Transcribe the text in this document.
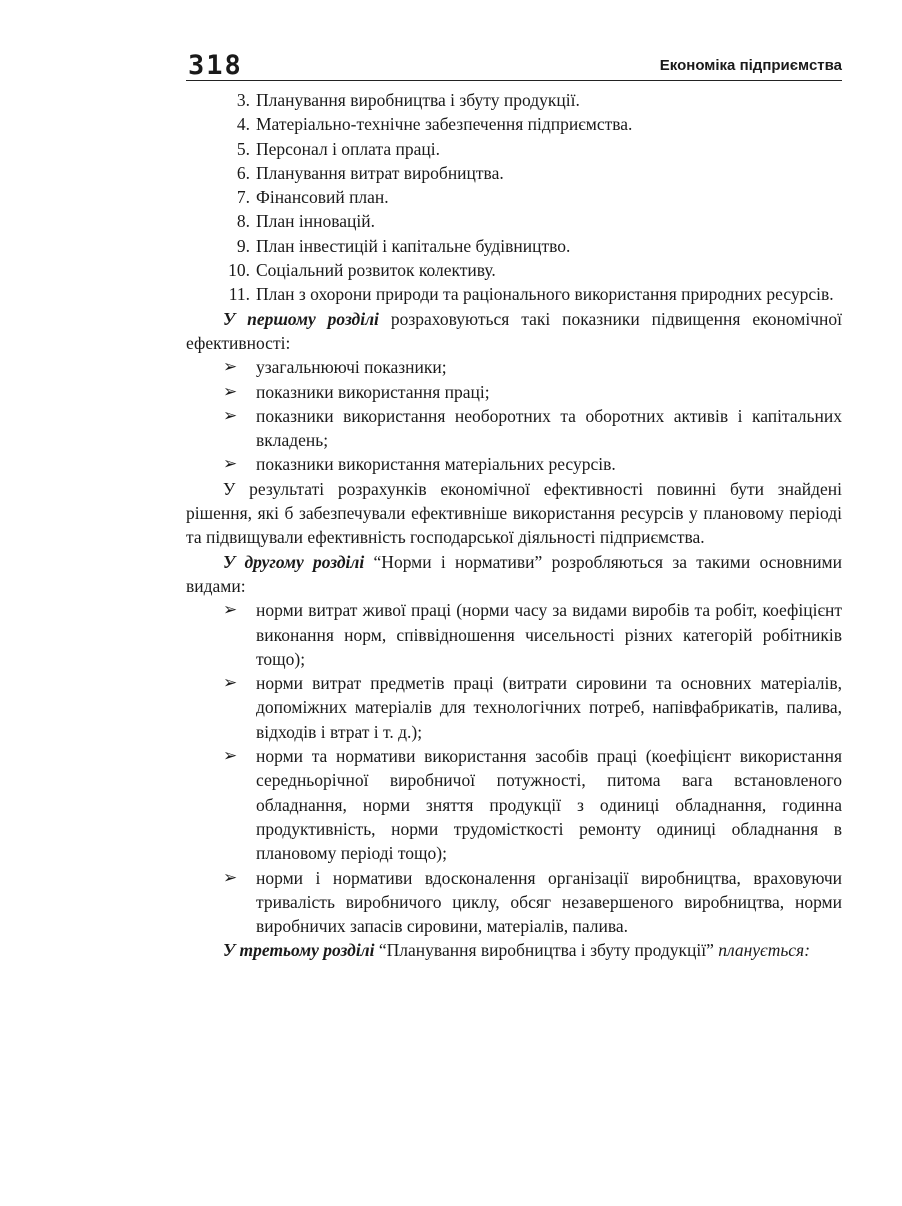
318	Економіка підприємства
3. Планування виробництва і збуту продукції.
4. Матеріально-технічне забезпечення підприємства.
5. Персонал і оплата праці.
6. Планування витрат виробництва.
7. Фінансовий план.
8. План інновацій.
9. План інвестицій і капітальне будівництво.
10. Соціальний розвиток колективу.
11. План з охорони природи та раціонального використання природних ресурсів.

У першому розділі розраховуються такі показники підвищення економічної ефективності:

➢ узагальнюючі показники;
➢ показники використання праці;
➢ показники використання необоротних та оборотних активів і капітальних вкладень;
➢ показники використання матеріальних ресурсів.

У результаті розрахунків економічної ефективності повинні бути знайдені рішення, які б забезпечували ефективніше використання ресурсів у плановому періоді та підвищували ефективність господарської діяльності підприємства.

У другому розділі “Норми і нормативи” розробляються за такими основними видами:

➢ норми витрат живої праці (норми часу за видами виробів та робіт, коефіцієнт виконання норм, співвідношення чисельності різних категорій робітників тощо);
➢ норми витрат предметів праці (витрати сировини та основних матеріалів, допоміжних матеріалів для технологічних потреб, напівфабрикатів, палива, відходів і втрат і т. д.);
➢ норми та нормативи використання засобів праці (коефіцієнт використання середньорічної виробничої потужності, питома вага встановленого обладнання, норми зняття продукції з одиниці обладнання, годинна продуктивність, норми трудомісткості ремонту одиниці обладнання в плановому періоді тощо);
➢ норми і нормативи вдосконалення організації виробництва, враховуючи тривалість виробничого циклу, обсяг незавершеного виробництва, норми виробничих запасів сировини, матеріалів, палива.

У третьому розділі “Планування виробництва і збуту продукції” планується:
